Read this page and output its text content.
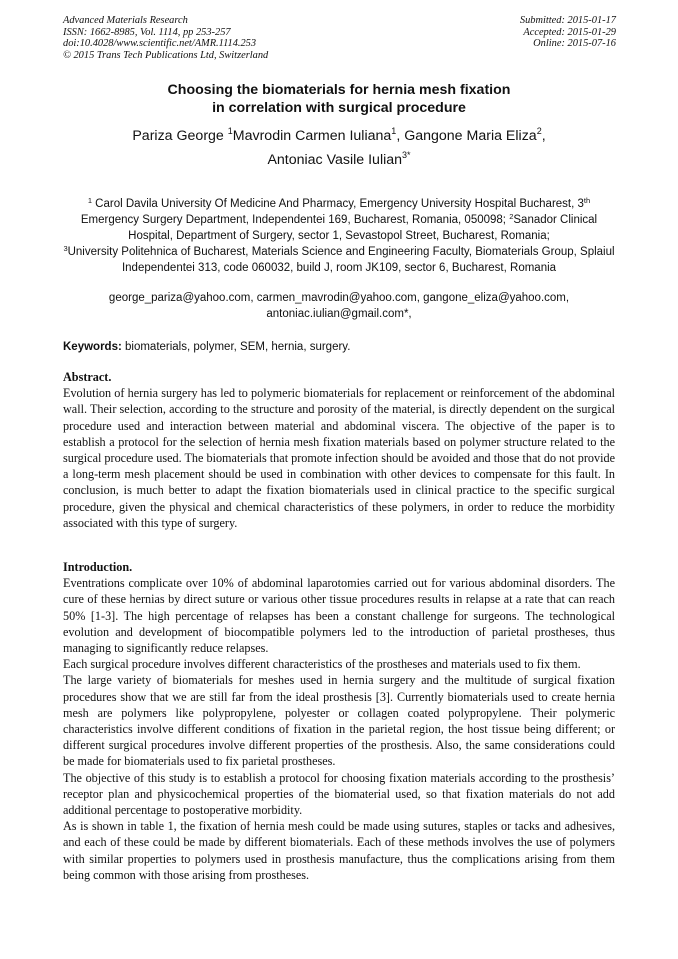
Advanced Materials Research
ISSN: 1662-8985, Vol. 1114, pp 253-257
doi:10.4028/www.scientific.net/AMR.1114.253
© 2015 Trans Tech Publications Ltd, Switzerland
Submitted: 2015-01-17
Accepted: 2015-01-29
Online: 2015-07-16
Choosing the biomaterials for hernia mesh fixation
in correlation with surgical procedure
Pariza George $^1$Mavrodin Carmen Iuliana$^1$, Gangone Maria Eliza$^2$,
Antoniac Vasile Iulian$^{3*}$
$^1$ Carol Davila University Of Medicine And Pharmacy, Emergency University Hospital Bucharest, 3th Emergency Surgery Department, Independentei 169, Bucharest, Romania, 050098; $^2$Sanador Clinical Hospital, Department of Surgery, sector 1, Sevastopol Street, Bucharest, Romania;
$^3$University Politehnica of Bucharest, Materials Science and Engineering Faculty, Biomaterials Group, Splaiul Independentei 313, code 060032, build J, room JK109, sector 6, Bucharest, Romania
george_pariza@yahoo.com, carmen_mavrodin@yahoo.com, gangone_eliza@yahoo.com,
antoniac.iulian@gmail.com*,
Keywords: biomaterials, polymer, SEM, hernia, surgery.
Abstract.

Evolution of hernia surgery has led to polymeric biomaterials for replacement or reinforcement of the abdominal wall. Their selection, according to the structure and porosity of the material, is directly dependent on the surgical procedure used and interaction between material and abdominal viscera. The objective of the paper is to establish a protocol for the selection of hernia mesh fixation materials based on polymer structure related to the surgical procedure used. The biomaterials that promote infection should be avoided and those that do not provide a long-term mesh placement should be used in combination with other devices to compensate for this fault. In conclusion, is much better to adapt the fixation biomaterials used in clinical practice to the specific surgical procedure, given the physical and chemical characteristics of these polymers, in order to reduce the morbidity associated with this type of surgery.

Introduction.

Eventrations complicate over 10% of abdominal laparotomies carried out for various abdominal disorders. The cure of these hernias by direct suture or various other tissue procedures results in relapse at a rate that can reach 50% [1-3]. The high percentage of relapses has been a constant challenge for surgeons. The technological evolution and development of biocompatible polymers led to the introduction of parietal prostheses, thus managing to significantly reduce relapses.

Each surgical procedure involves different characteristics of the prostheses and materials used to fix them.

The large variety of biomaterials for meshes used in hernia surgery and the multitude of surgical fixation procedures show that we are still far from the ideal prosthesis [3]. Currently biomaterials used to create hernia mesh are polymers like polypropylene, polyester or collagen coated polypropylene. Their polymeric characteristics involve different conditions of fixation in the parietal region, the host tissue being different; or different surgical procedures involve different properties of the prosthesis. Also, the same considerations could be made for biomaterials used to fix parietal prostheses.

The objective of this study is to establish a protocol for choosing fixation materials according to the prosthesis’ receptor plan and physicochemical properties of the biomaterial used, so that fixation materials do not add additional percentage to postoperative morbidity.

As is shown in table 1, the fixation of hernia mesh could be made using sutures, staples or tacks and adhesives, and each of these could be made by different biomaterials. Each of these methods involves the use of polymers with similar properties to polymers used in prosthesis manufacture, thus the complications arising from them being common with those arising from prostheses.
